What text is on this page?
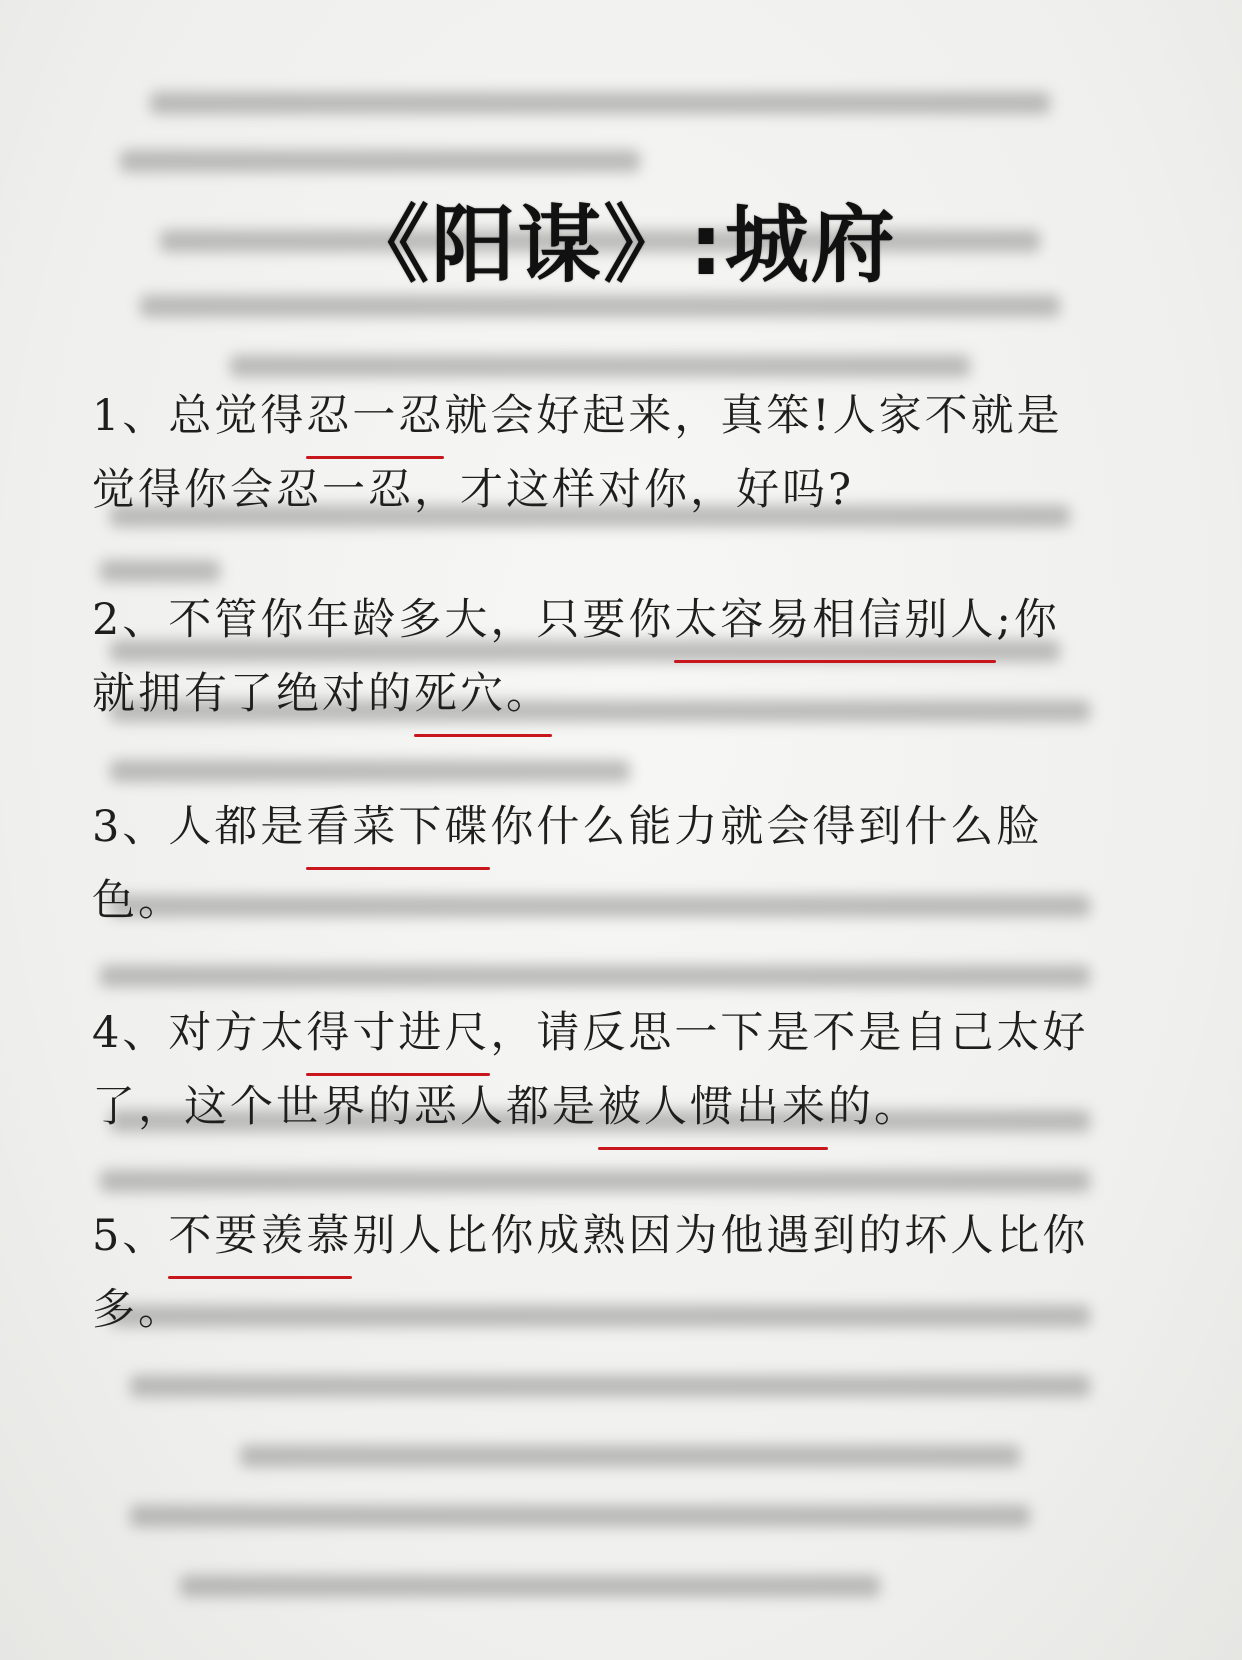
《阳谋》:城府

1、总觉得忍一忍就会好起来，真笨!人家不就是
觉得你会忍一忍，才这样对你，好吗?

2、不管你年龄多大，只要你太容易相信别人;你
就拥有了绝对的死穴。

3、人都是看菜下碟你什么能力就会得到什么脸
色。

4、对方太得寸进尺，请反思一下是不是自己太好
了，这个世界的恶人都是被人惯出来的。

5、不要羡慕别人比你成熟因为他遇到的坏人比你
多。
